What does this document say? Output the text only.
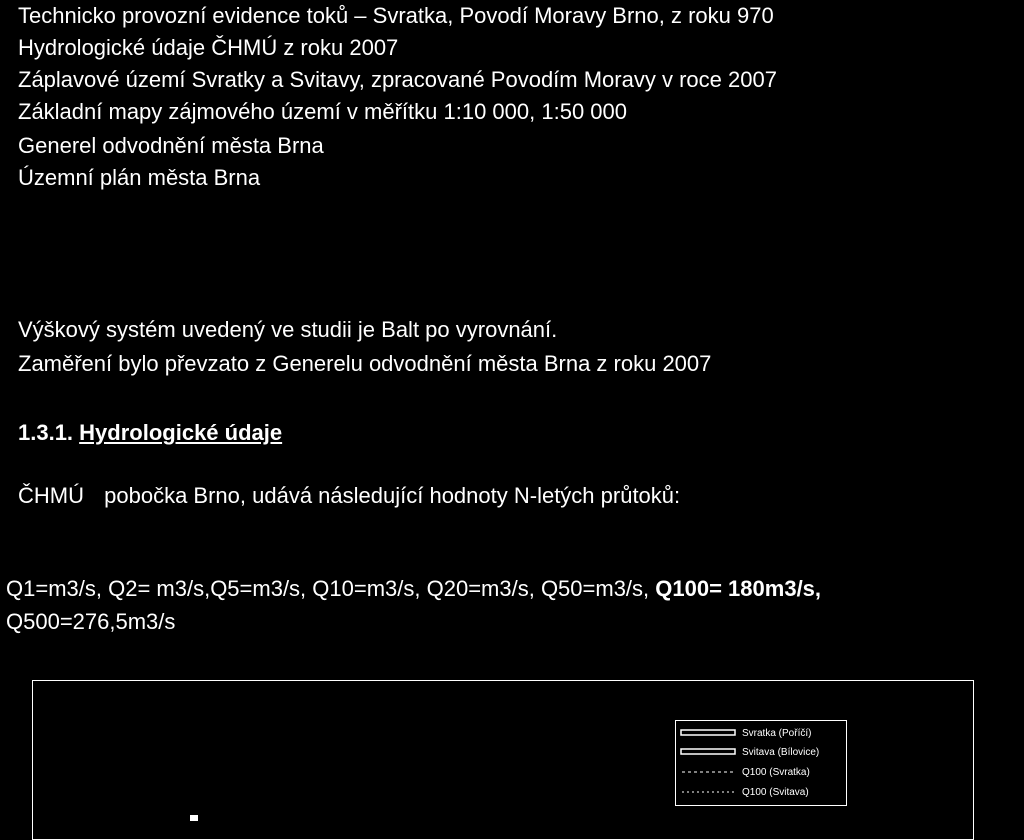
Technicko provozní evidence toků – Svratka, Povodí Moravy Brno, z roku 970
Hydrologické údaje ČHMÚ z roku 2007
Záplavové území Svratky a Svitavy, zpracované Povodím Moravy v roce 2007
Základní mapy zájmového území v měřítku 1:10 000, 1:50 000
Generel odvodnění města Brna
Územní plán města Brna
Výškový systém uvedený ve studii je Balt po vyrovnání.
Zaměření bylo převzato z Generelu odvodnění města Brna z roku 2007
1.3.1. Hydrologické údaje
ČHMÚ pobočka Brno, udává následující hodnoty N-letých průtoků:
Q1=m3/s, Q2= m3/s,Q5=m3/s, Q10=m3/s, Q20=m3/s, Q50=m3/s, Q100= 180m3/s,
Q500=276,5m3/s
Svratka (Poříčí)
Svitava (Bílovice)
Q100 (Svratka)
Q100 (Svitava)
